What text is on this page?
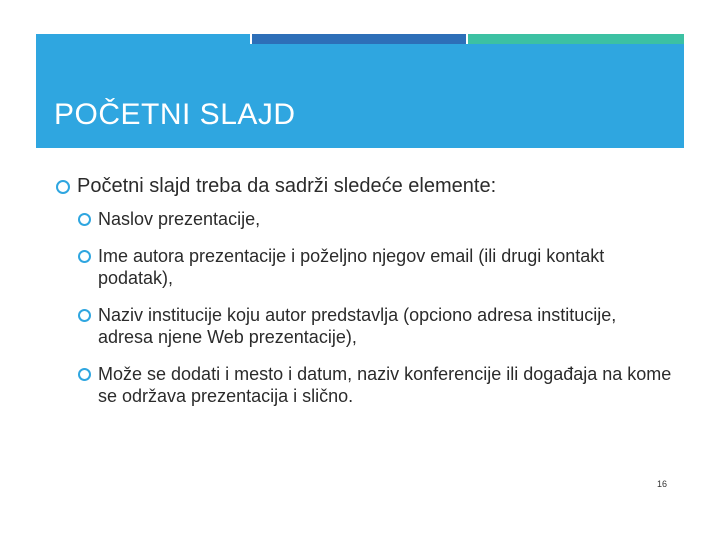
POČETNI SLAJD
Početni slajd treba da sadrži sledeće elemente:
Naslov prezentacije,
Ime autora prezentacije i poželjno njegov email (ili drugi kontakt podatak),
Naziv institucije koju autor predstavlja (opciono adresa institucije, adresa njene Web prezentacije),
Može se dodati i mesto i datum, naziv konferencije ili događaja na kome se održava prezentacija i slično.
16
